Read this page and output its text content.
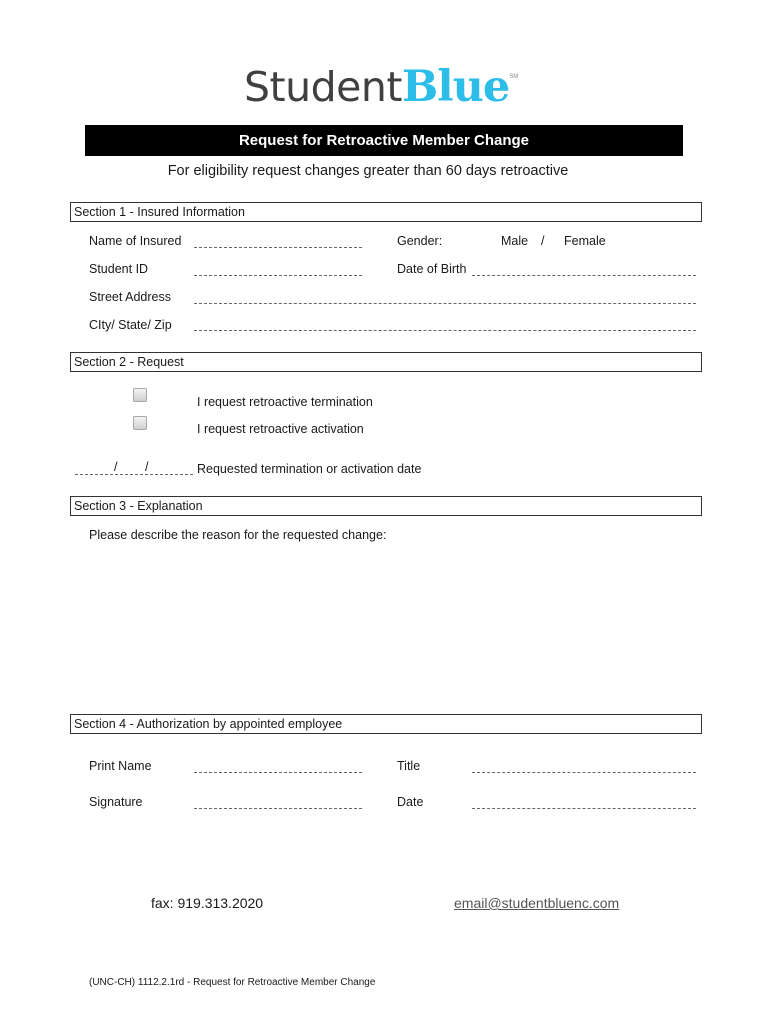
StudentBlue℠
Request for Retroactive Member Change
For eligibility request changes greater than 60 days retroactive
Section 1 - Insured Information
Name of Insured	Gender:	Male / Female
Student ID	Date of Birth
Street Address
CIty/ State/ Zip
Section 2 - Request
I request retroactive termination
I request retroactive activation
/ /	Requested termination or activation date
Section 3 - Explanation
Please describe the reason for the requested change:
Section 4 - Authorization by appointed employee
Print Name	Title
Signature	Date
fax: 919.313.2020	email@studentbluenc.com
(UNC-CH) 1112.2.1rd - Request for Retroactive Member Change
